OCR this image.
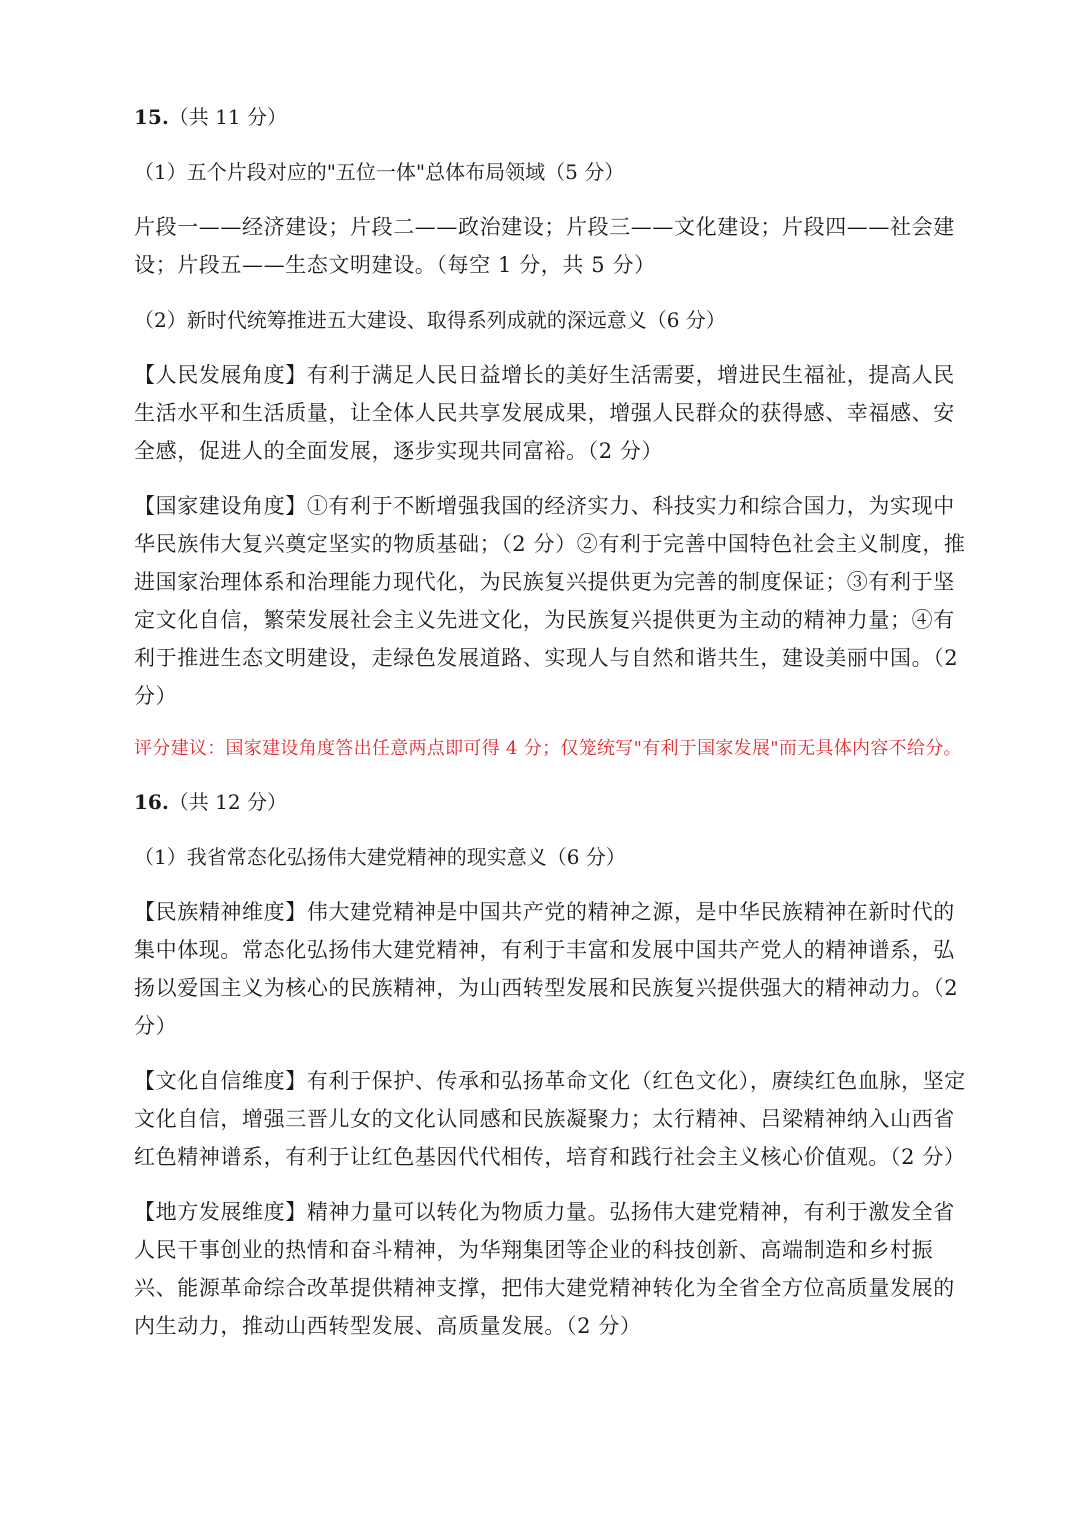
15.（共 11 分）
（1）五个片段对应的"五位一体"总体布局领域（5 分）
片段一——经济建设；片段二——政治建设；片段三——文化建设；片段四——社会建设；片段五——生态文明建设。（每空 1 分，共 5 分）
（2）新时代统筹推进五大建设、取得系列成就的深远意义（6 分）
【人民发展角度】有利于满足人民日益增长的美好生活需要，增进民生福祉，提高人民生活水平和生活质量，让全体人民共享发展成果，增强人民群众的获得感、幸福感、安全感，促进人的全面发展，逐步实现共同富裕。（2 分）
【国家建设角度】①有利于不断增强我国的经济实力、科技实力和综合国力，为实现中华民族伟大复兴奠定坚实的物质基础；（2 分）②有利于完善中国特色社会主义制度，推进国家治理体系和治理能力现代化，为民族复兴提供更为完善的制度保证；③有利于坚定文化自信，繁荣发展社会主义先进文化，为民族复兴提供更为主动的精神力量；④有利于推进生态文明建设，走绿色发展道路、实现人与自然和谐共生，建设美丽中国。（2 分）
评分建议：国家建设角度答出任意两点即可得 4 分；仅笼统写"有利于国家发展"而无具体内容不给分。
16.（共 12 分）
（1）我省常态化弘扬伟大建党精神的现实意义（6 分）
【民族精神维度】伟大建党精神是中国共产党的精神之源，是中华民族精神在新时代的集中体现。常态化弘扬伟大建党精神，有利于丰富和发展中国共产党人的精神谱系，弘扬以爱国主义为核心的民族精神，为山西转型发展和民族复兴提供强大的精神动力。（2 分）
【文化自信维度】有利于保护、传承和弘扬革命文化（红色文化），赓续红色血脉，坚定文化自信，增强三晋儿女的文化认同感和民族凝聚力；太行精神、吕梁精神纳入山西省红色精神谱系，有利于让红色基因代代相传，培育和践行社会主义核心价值观。（2 分）
【地方发展维度】精神力量可以转化为物质力量。弘扬伟大建党精神，有利于激发全省人民干事创业的热情和奋斗精神，为华翔集团等企业的科技创新、高端制造和乡村振兴、能源革命综合改革提供精神支撑，把伟大建党精神转化为全省全方位高质量发展的内生动力，推动山西转型发展、高质量发展。（2 分）
